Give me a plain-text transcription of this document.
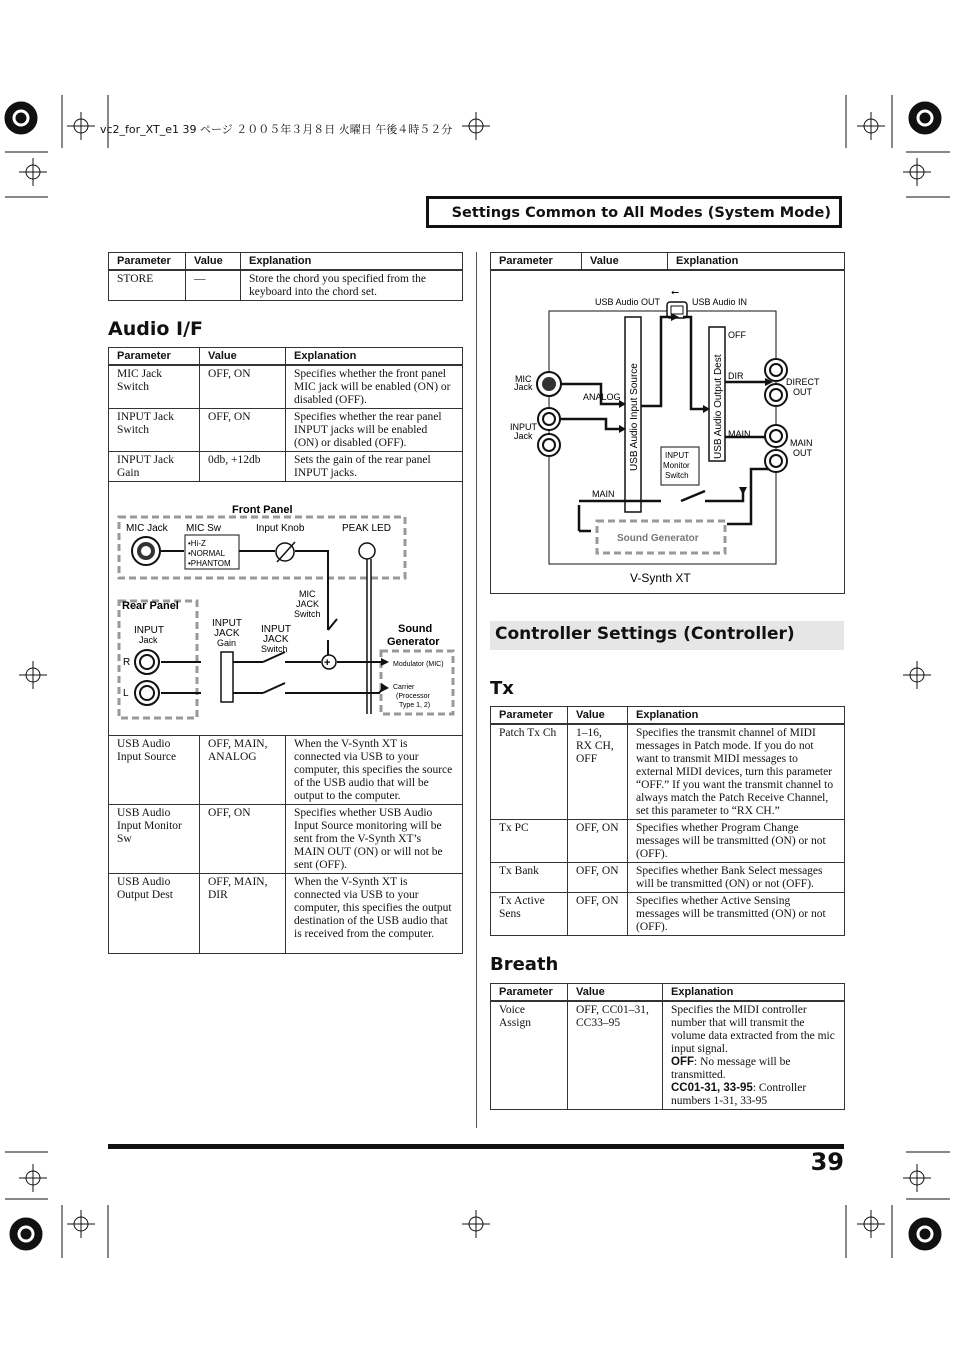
vc2_for_XT_e1 39 ページ ２００５年３月８日 火曜日 午後４時５２分
Settings Common to All Modes (System Mode)
Parameter	Value	Explanation
STORE	—	Store the chord you specified from the keyboard into the chord set.
Audio I/F
Parameter	Value	Explanation
MIC Jack Switch	OFF, ON	Specifies whether the front panel MIC jack will be enabled (ON) or disabled (OFF).
INPUT Jack Switch	OFF, ON	Specifies whether the rear panel INPUT jacks will be enabled (ON) or disabled (OFF).
INPUT Jack Gain	0db, +12db	Sets the gain of the rear panel INPUT jacks.
Front Panel
MIC Jack MIC Sw	Input Knob	PEAK LED
•Hi-Z
•NORMAL
•PHANTOM
+
MIC
JACK
Switch
Rear Panel
INPUT
Jack
INPUT
JACK
Gain
INPUT
JACK
Switch
R
L
Sound
Generator
Modulator (MIC)
Carrier
(Processor
Type 1, 2)
USB Audio Input Source	OFF, MAIN, ANALOG	When the V-Synth XT is connected via USB to your computer, this specifies the source of the USB audio that will be output to the computer.
USB Audio Input Monitor Sw	OFF, ON	Specifies whether USB Audio Input Source monitoring will be sent from the V-Synth XT’s MAIN OUT (ON) or will not be sent (OFF).
USB Audio Output Dest	OFF, MAIN, DIR	When the V-Synth XT is connected via USB to your computer, this specifies the output destination of the USB audio that is received from the computer.
Parameter	Value	Explanation
USB Audio OUT	USB Audio IN
⭠
USB Audio Input Source	USB Audio Output Dest
MIC
Jack
INPUT
Jack
ANALOG
OFF
DIR
MAIN
DIRECT
OUT
MAIN
OUT
INPUT
Monitor
Switch
MAIN
Sound Generator
V-Synth XT
Controller Settings (Controller)
Tx
Parameter	Value	Explanation
Patch Tx Ch	1–16, RX CH, OFF	Specifies the transmit channel of MIDI messages in Patch mode. If you do not want to transmit MIDI messages to external MIDI devices, turn this parameter “OFF.” If you want the transmit channel to always match the Patch Receive Channel, set this parameter to “RX CH.”
Tx PC	OFF, ON	Specifies whether Program Change messages will be transmitted (ON) or not (OFF).
Tx Bank	OFF, ON	Specifies whether Bank Select messages will be transmitted (ON) or not (OFF).
Tx Active Sens	OFF, ON	Specifies whether Active Sensing messages will be transmitted (ON) or not (OFF).
Breath
Parameter	Value	Explanation
Voice Assign	OFF, CC01–31, CC33–95	Specifies the MIDI controller number that will transmit the volume data extracted from the mic input signal.
OFF: No message will be transmitted.
CC01-31, 33-95: Controller numbers 1-31, 33-95
39
